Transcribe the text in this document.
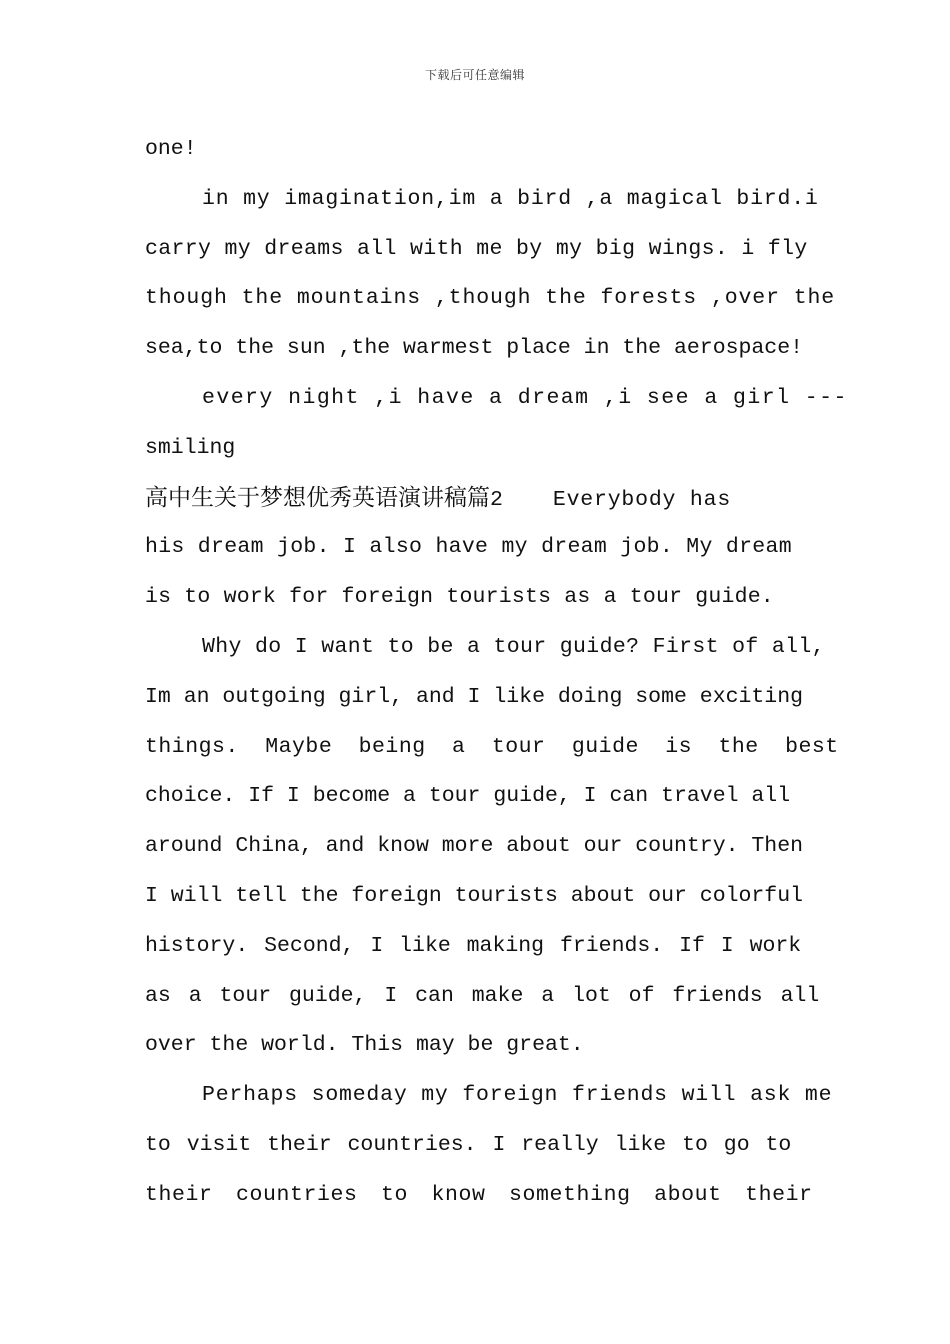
下载后可任意编辑
one!
in my imagination,im a bird ,a magical bird.i
carry my dreams all with me by my big wings. i fly
though the mountains ,though the forests ,over the
sea,to the sun ,the warmest place in the aerospace!
every night ,i have a dream ,i see a girl ---
smiling
高中生关于梦想优秀英语演讲稿篇2 Everybody has
his dream job. I also have my dream job. My dream
is to work for foreign tourists as a tour guide.
Why do I want to be a tour guide? First of all,
Im an outgoing girl, and I like doing some exciting
things. Maybe being a tour guide is the best
choice. If I become a tour guide, I can travel all
around China, and know more about our country. Then
I will tell the foreign tourists about our colorful
history. Second, I like making friends. If I work
as a tour guide, I can make a lot of friends all
over the world. This may be great.
Perhaps someday my foreign friends will ask me
to visit their countries. I really like to go to
their countries to know something about their
